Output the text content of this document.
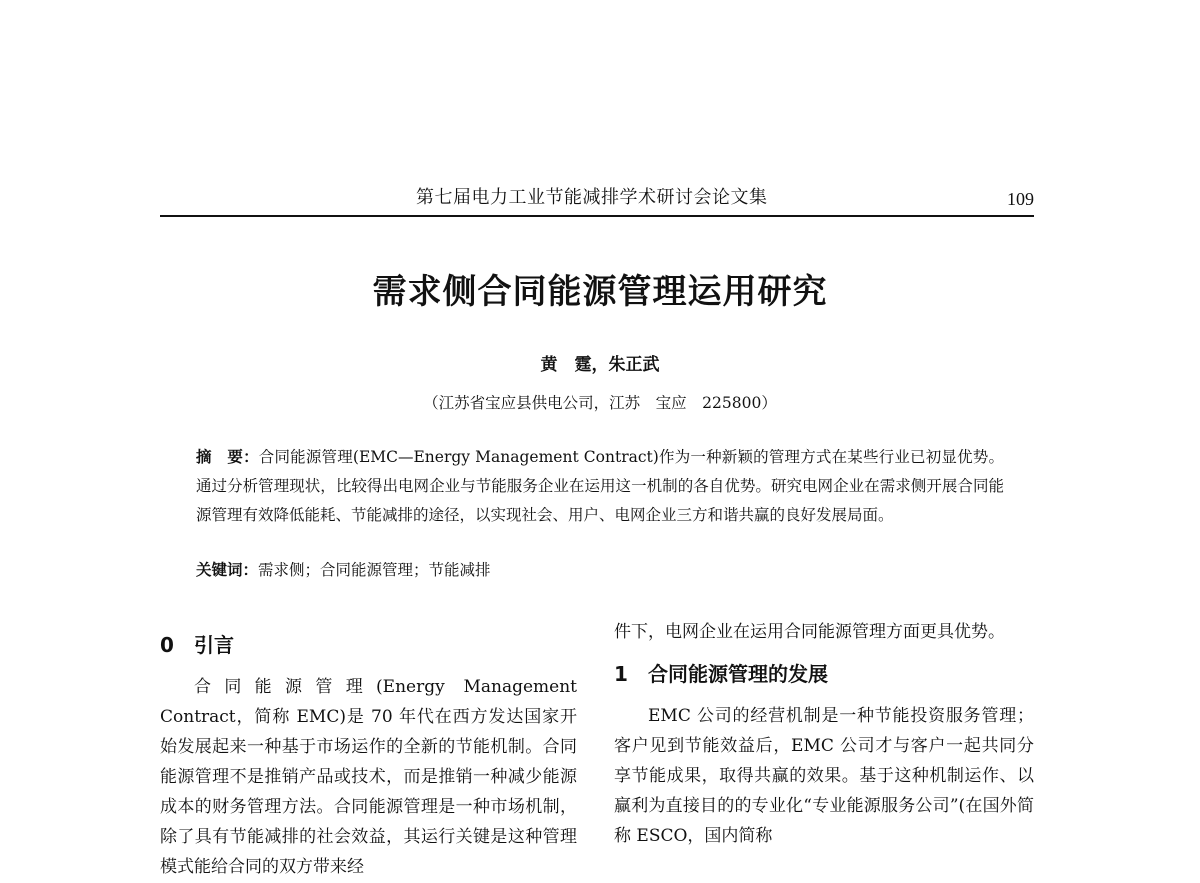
第七届电力工业节能减排学术研讨会论文集	109
需求侧合同能源管理运用研究
黄　霆，朱正武
（江苏省宝应县供电公司，江苏　宝应　225800）
摘　要：合同能源管理(EMC—Energy Management Contract)作为一种新颖的管理方式在某些行业已初显优势。通过分析管理现状，比较得出电网企业与节能服务企业在运用这一机制的各自优势。研究电网企业在需求侧开展合同能源管理有效降低能耗、节能减排的途径，以实现社会、用户、电网企业三方和谐共赢的良好发展局面。
关键词：需求侧；合同能源管理；节能减排
0 引言

合同能源管理(Energy Management Contract，简称 EMC)是 70 年代在西方发达国家开始发展起来一种基于市场运作的全新的节能机制。合同能源管理不是推销产品或技术，而是推销一种减少能源成本的财务管理方法。合同能源管理是一种市场机制，除了具有节能减排的社会效益，其运行关键是这种管理模式能给合同的双方带来经

件下，电网企业在运用合同能源管理方面更具优势。

1 合同能源管理的发展

EMC 公司的经营机制是一种节能投资服务管理；客户见到节能效益后，EMC 公司才与客户一起共同分享节能成果，取得共赢的效果。基于这种机制运作、以赢利为直接目的的专业化“专业能源服务公司”(在国外简称 ESCO，国内简称
